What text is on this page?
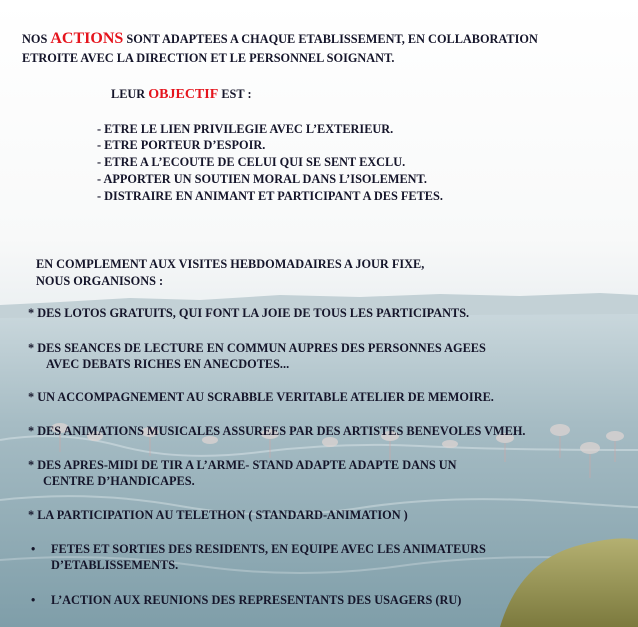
NOS ACTIONS SONT ADAPTEES A CHAQUE ETABLISSEMENT, EN COLLABORATION

ETROITE AVEC LA DIRECTION ET LE PERSONNEL SOIGNANT.

LEUR OBJECTIF EST :

- ETRE LE LIEN PRIVILEGIE AVEC L’EXTERIEUR.

- ETRE PORTEUR D’ESPOIR.

- ETRE A L’ECOUTE DE CELUI QUI SE SENT EXCLU.

- APPORTER UN SOUTIEN MORAL DANS L’ISOLEMENT.

- DISTRAIRE EN ANIMANT ET PARTICIPANT A DES FETES.

EN COMPLEMENT AUX VISITES HEBDOMADAIRES A JOUR FIXE,

NOUS ORGANISONS :

* DES LOTOS GRATUITS, QUI FONT LA JOIE DE TOUS LES PARTICIPANTS.

* DES SEANCES DE LECTURE EN COMMUN AUPRES DES PERSONNES AGEES

AVEC DEBATS RICHES EN ANECDOTES...

* UN ACCOMPAGNEMENT AU SCRABBLE VERITABLE ATELIER DE MEMOIRE.

* DES ANIMATIONS MUSICALES ASSUREES PAR DES ARTISTES BENEVOLES VMEH.

* DES APRES-MIDI DE TIR A L’ARME- STAND ADAPTE ADAPTE DANS UN

CENTRE D’HANDICAPES.

* LA PARTICIPATION AU TELETHON ( STANDARD-ANIMATION )

• FETES ET SORTIES DES RESIDENTS, EN EQUIPE AVEC LES ANIMATEURS

D’ETABLISSEMENTS.

• L’ACTION AUX REUNIONS DES REPRESENTANTS DES USAGERS (RU)
